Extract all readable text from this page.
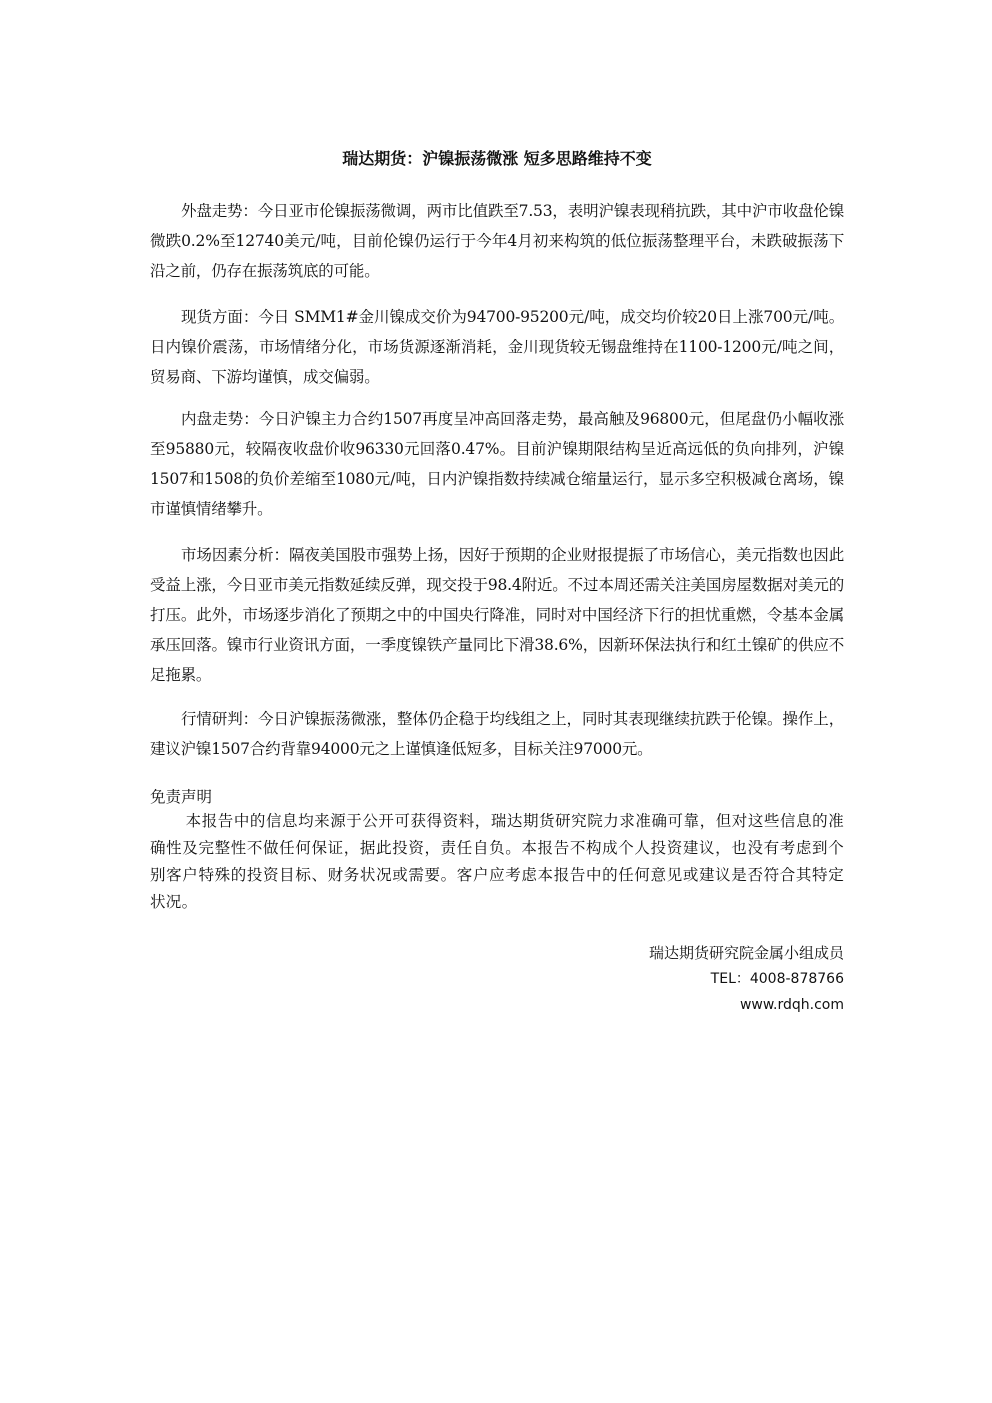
瑞达期货：沪镍振荡微涨 短多思路维持不变

外盘走势：今日亚市伦镍振荡微调，两市比值跌至7.53，表明沪镍表现稍抗跌，其中沪市收盘伦镍微跌0.2%至12740美元/吨，目前伦镍仍运行于今年4月初来构筑的低位振荡整理平台，未跌破振荡下沿之前，仍存在振荡筑底的可能。

现货方面：今日 SMM1#金川镍成交价为94700-95200元/吨，成交均价较20日上涨700元/吨。日内镍价震荡，市场情绪分化，市场货源逐渐消耗，金川现货较无锡盘维持在1100-1200元/吨之间，贸易商、下游均谨慎，成交偏弱。

内盘走势：今日沪镍主力合约1507再度呈冲高回落走势，最高触及96800元，但尾盘仍小幅收涨至95880元，较隔夜收盘价收96330元回落0.47%。目前沪镍期限结构呈近高远低的负向排列，沪镍1507和1508的负价差缩至1080元/吨，日内沪镍指数持续减仓缩量运行，显示多空积极减仓离场，镍市谨慎情绪攀升。

市场因素分析：隔夜美国股市强势上扬，因好于预期的企业财报提振了市场信心，美元指数也因此受益上涨，今日亚市美元指数延续反弹，现交投于98.4附近。不过本周还需关注美国房屋数据对美元的打压。此外，市场逐步消化了预期之中的中国央行降准，同时对中国经济下行的担忧重燃，令基本金属承压回落。镍市行业资讯方面，一季度镍铁产量同比下滑38.6%，因新环保法执行和红土镍矿的供应不足拖累。

行情研判：今日沪镍振荡微涨，整体仍企稳于均线组之上，同时其表现继续抗跌于伦镍。操作上，建议沪镍1507合约背靠94000元之上谨慎逢低短多，目标关注97000元。

免责声明

本报告中的信息均来源于公开可获得资料，瑞达期货研究院力求准确可靠，但对这些信息的准确性及完整性不做任何保证，据此投资，责任自负。本报告不构成个人投资建议，也没有考虑到个别客户特殊的投资目标、财务状况或需要。客户应考虑本报告中的任何意见或建议是否符合其特定状况。

瑞达期货研究院金属小组成员
TEL：4008-878766
www.rdqh.com
